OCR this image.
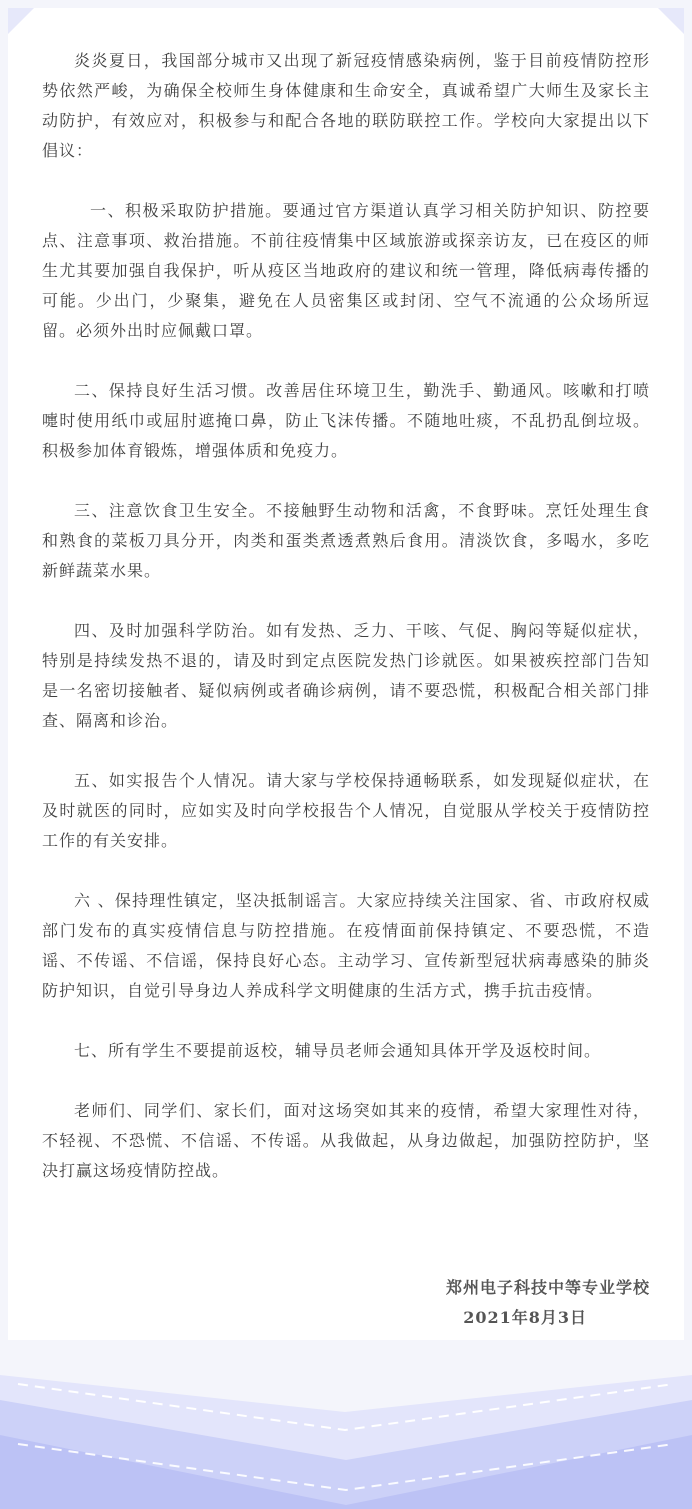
炎炎夏日，我国部分城市又出现了新冠疫情感染病例，鉴于目前疫情防控形势依然严峻，为确保全校师生身体健康和生命安全，真诚希望广大师生及家长主动防护，有效应对，积极参与和配合各地的联防联控工作。学校向大家提出以下倡议：

一、积极采取防护措施。要通过官方渠道认真学习相关防护知识、防控要点、注意事项、救治措施。不前往疫情集中区域旅游或探亲访友，已在疫区的师生尤其要加强自我保护，听从疫区当地政府的建议和统一管理，降低病毒传播的可能。少出门，少聚集，避免在人员密集区或封闭、空气不流通的公众场所逗留。必须外出时应佩戴口罩。

二、保持良好生活习惯。改善居住环境卫生，勤洗手、勤通风。咳嗽和打喷嚏时使用纸巾或屈肘遮掩口鼻，防止飞沫传播。不随地吐痰，不乱扔乱倒垃圾。积极参加体育锻炼，增强体质和免疫力。

三、注意饮食卫生安全。不接触野生动物和活禽，不食野味。烹饪处理生食和熟食的菜板刀具分开，肉类和蛋类煮透煮熟后食用。清淡饮食，多喝水，多吃新鲜蔬菜水果。

四、及时加强科学防治。如有发热、乏力、干咳、气促、胸闷等疑似症状，特别是持续发热不退的，请及时到定点医院发热门诊就医。如果被疾控部门告知是一名密切接触者、疑似病例或者确诊病例，请不要恐慌，积极配合相关部门排查、隔离和诊治。

五、如实报告个人情况。请大家与学校保持通畅联系，如发现疑似症状，在及时就医的同时，应如实及时向学校报告个人情况，自觉服从学校关于疫情防控工作的有关安排。

六 、保持理性镇定，坚决抵制谣言。大家应持续关注国家、省、市政府权威部门发布的真实疫情信息与防控措施。在疫情面前保持镇定、不要恐慌，不造谣、不传谣、不信谣，保持良好心态。主动学习、宣传新型冠状病毒感染的肺炎防护知识，自觉引导身边人养成科学文明健康的生活方式，携手抗击疫情。

七、所有学生不要提前返校，辅导员老师会通知具体开学及返校时间。

老师们、同学们、家长们，面对这场突如其来的疫情，希望大家理性对待，不轻视、不恐慌、不信谣、不传谣。从我做起，从身边做起，加强防控防护，坚决打赢这场疫情防控战。

郑州电子科技中等专业学校
2021年8月3日
